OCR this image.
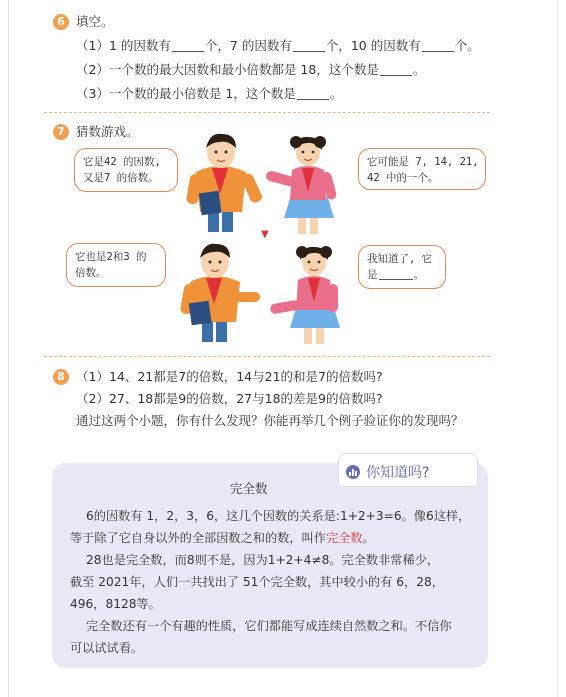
6 填空。
（1）1 的因数有	个，7 的因数有	个，10 的因数有	个。
（2）一个数的最大因数和最小倍数都是 18，这个数是	。
（3）一个数的最小倍数是 1，这个数是	。
7 猜数游戏。
它是42 的因数,
又是7 的倍数。
它可能是 7, 14, 21,
42 中的一个。
它也是2和3 的
倍数。
我知道了, 它
是	。
▼
8 （1）14、21都是7的倍数，14与21的和是7的倍数吗?
（2）27、18都是9的倍数，27与18的差是9的倍数吗?
通过这两个小题，你有什么发现？你能再举几个例子验证你的发现吗？
你知道吗?
完全数
6的因数有 1，2，3，6，这几个因数的关系是:1+2+3=6。像6这样，
等于除了它自身以外的全部因数之和的数，叫作完全数。
28也是完全数，而8则不是，因为1+2+4≠8。完全数非常稀少，
截至 2021年，人们一共找出了 51个完全数，其中较小的有 6，28，
496，8128等。
完全数还有一个有趣的性质，它们都能写成连续自然数之和。不信你
可以试试看。
